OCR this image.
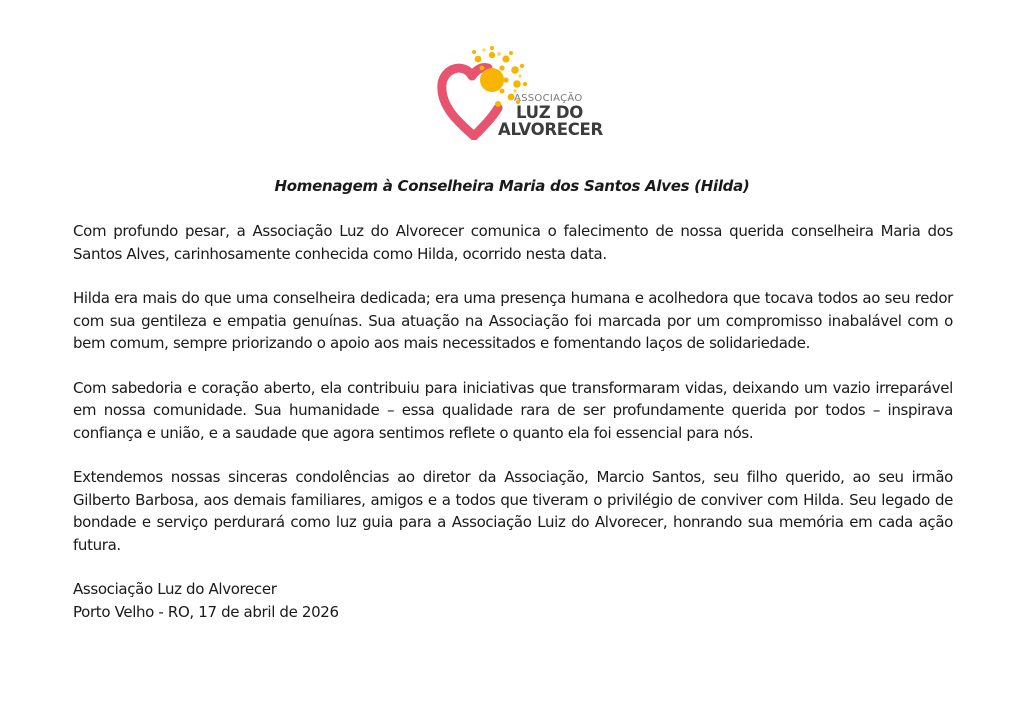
ASSOCIAÇÃO
LUZ DO
ALVORECER
Homenagem à Conselheira Maria dos Santos Alves (Hilda)

Com profundo pesar, a Associação Luz do Alvorecer comunica o falecimento de nossa querida conselheira Maria dos Santos Alves, carinhosamente conhecida como Hilda, ocorrido nesta data.

Hilda era mais do que uma conselheira dedicada; era uma presença humana e acolhedora que tocava todos ao seu redor com sua gentileza e empatia genuínas. Sua atuação na Associação foi marcada por um compromisso inabalável com o bem comum, sempre priorizando o apoio aos mais necessitados e fomentando laços de solidariedade.

Com sabedoria e coração aberto, ela contribuiu para iniciativas que transformaram vidas, deixando um vazio irreparável em nossa comunidade. Sua humanidade – essa qualidade rara de ser profundamente querida por todos – inspirava confiança e união, e a saudade que agora sentimos reflete o quanto ela foi essencial para nós.

Extendemos nossas sinceras condolências ao diretor da Associação, Marcio Santos, seu filho querido, ao seu irmão Gilberto Barbosa, aos demais familiares, amigos e a todos que tiveram o privilégio de conviver com Hilda. Seu legado de bondade e serviço perdurará como luz guia para a Associação Luiz do Alvorecer, honrando sua memória em cada ação futura.

Associação Luz do Alvorecer

Porto Velho - RO, 17 de abril de 2026
